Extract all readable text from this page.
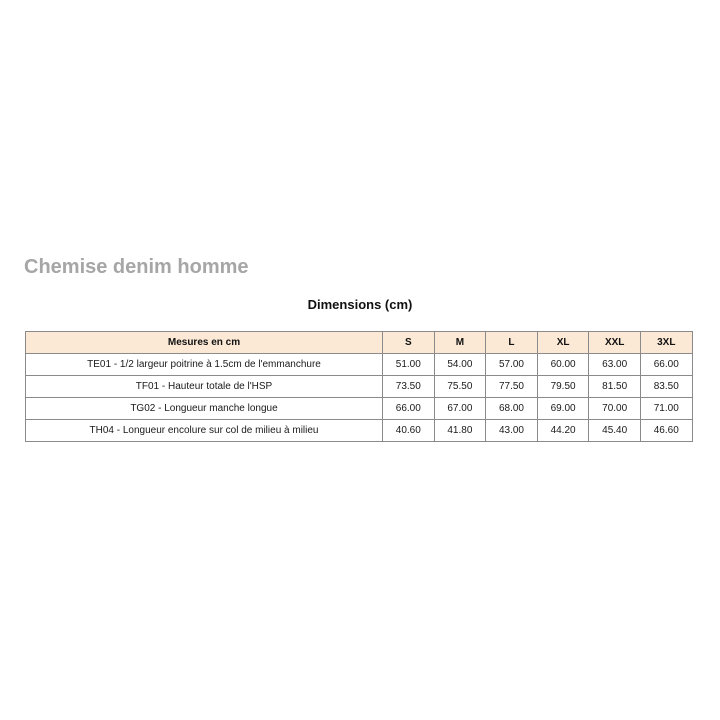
Chemise denim homme
Dimensions (cm)
Mesures en cm	S	M	L	XL	XXL	3XL
TE01 - 1/2 largeur poitrine à 1.5cm de l'emmanchure	51.00	54.00	57.00	60.00	63.00	66.00
TF01 - Hauteur totale de l'HSP	73.50	75.50	77.50	79.50	81.50	83.50
TG02 - Longueur manche longue	66.00	67.00	68.00	69.00	70.00	71.00
TH04 - Longueur encolure sur col de milieu à milieu	40.60	41.80	43.00	44.20	45.40	46.60
